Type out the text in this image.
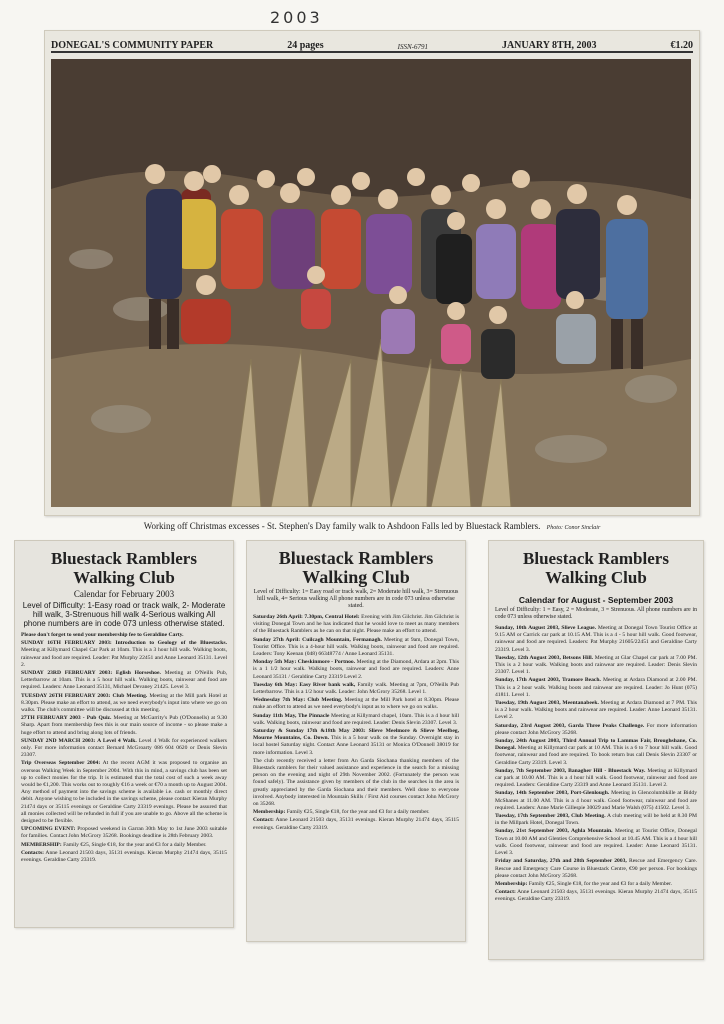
2003
DONEGAL'S COMMUNITY PAPER	24 pages	ISSN-6791	JANUARY 8TH, 2003	€1.20
Working off Christmas excesses - St. Stephen's Day family walk to Ashdoon Falls led by Bluestack Ramblers. Photo: Conor Sinclair
Bluestack Ramblers Walking Club
Calendar for February 2003
Level of Difficulty: 1-Easy road or track walk, 2- Moderate hill walk, 3-Strenuous hill walk 4-Serious walking All phone numbers are in code 073 unless otherwise stated.

Please don't forget to send your membership fee to Geraldine Carty.

SUNDAY 16TH FEBRUARY 2003: Introduction to Geology of the Bluestacks. Meeting at Killymard Chapel Car Park at 10am. This is a 3 hour hill walk. Walking boots, rainwear and food are required. Leader: Pat Murphy 22451 and Anne Leonard 35131. Level 2.

SUNDAY 23RD FEBRUARY 2003: Eglish Horseshoe. Meeting at O'Neills Pub, Letterbarrow at 10am. This is a 5 hour hill walk. Walking boots, rainwear and food are required. Leaders: Anne Leonard 35131, Michael Devaney 21425. Level 3.

TUESDAY 26TH FEBRUARY 2003: Club Meeting. Meeting at the Mill park Hotel at 8.30pm. Please make an effort to attend, as we need everybody's input into where we go on walks. The club's committee will be discussed at this meeting.

27TH FEBRUARY 2003 - Pub Quiz. Meeting at McGarrity's Pub (O'Donnells) at 9.30 Sharp. Apart from membership fees this is our main source of income - so please make a huge effort to attend and bring along lots of friends.

SUNDAY 2ND MARCH 2003: A Level 4 Walk. Level 4 Walk for experienced walkers only. For more information contact Bernard McGroarty 086 604 0620 or Denis Slevin 23307.

Trip Overseas September 2004: At the recent AGM it was proposed to organise an overseas Walking Week in September 2004. With this in mind, a savings club has been set up to collect monies for the trip. It is estimated that the total cost of such a week away would be €1,200. This works out to roughly €16 a week or €70 a month up to August 2004. Any method of payment into the savings scheme is available i.e. cash or monthly direct debit. Anyone wishing to be included in the savings scheme, please contact Kieran Murphy 21474 days or 35115 evenings or Geraldine Carty 23319 evenings. Please be assured that all monies collected will be refunded in full if you are unable to go. Above all the scheme is designed to be flexible.

UPCOMING EVENT: Proposed weekend in Garran 30th May to 1st June 2003 suitable for families. Contact John McGrory 35268. Bookings deadline is 28th February 2003.

MEMBERSHIP: Family €25, Single €18, for the year and €3 for a daily Member.

Contacts: Anne Leonard 21503 days, 35131 evenings. Kieran Murphy 21474 days, 35115 evenings. Geraldine Carty 23319.

Bluestack Ramblers Walking Club
Level of Difficulty: 1= Easy road or track walk, 2= Moderate hill walk, 3= Strenuous hill walk, 4= Serious walking All phone numbers are in code 073 unless otherwise stated.

Saturday 26th April: 7.30pm, Central Hotel: Evening with Jim Gilchrist. Jim Gilchrist is visiting Donegal Town and he has indicated that he would love to meet as many members of the Bluestack Ramblers as he can on that night. Please make an effort to attend.

Sunday 27th April: Cuilcagh Mountain, Fermanagh. Meeting at 9am, Donegal Town, Tourist Office. This is a 4-hour hill walk. Walking boots, rainwear and food are required. Leaders: Tony Keenan (048) 66348774 / Anne Leonard 35131.

Monday 5th May: Cheskinmore - Portnoo. Meeting at the Diamond, Ardara at 2pm. This is a 1 1/2 hour walk. Walking boots, rainwear and food are required. Leaders: Anne Leonard 35131 / Geraldine Carty 23319 Level 2.

Tuesday 6th May: Easy River bank walk, Family walk. Meeting at 7pm, O'Neills Pub Letterbarrow. This is a 1/2 hour walk. Leader: John McGrory 35268. Level 1.

Wednesday 7th May: Club Meeting. Meeting at the Mill Park hotel at 8.30pm. Please make an effort to attend as we need everybody's input as to where we go on walks.

Sunday 11th May, The Pinnacle Meeting at Killymard chapel, 10am. This is a 4 hour hill walk. Walking boots, rainwear and food are required. Leader: Denis Slevin 23307. Level 3.

Saturday & Sunday 17th &18th May 2003: Slieve Meelmore & Slieve Meelbeg, Mourne Mountains, Co. Down. This is a 5 hour walk on the Sunday. Overnight stay in local hostel Saturday night. Contact Anne Leonard 35131 or Monica O'Donnell 38019 for more information. Level 3.

The club recently received a letter from An Garda Siochana thanking members of the Bluestack ramblers for their valued assistance and experience in the search for a missing person on the evening and night of 29th November 2002. (Fortunately the person was found safely). The assistance given by members of the club in the searches in the area is greatly appreciated by the Garda Siochana and their members. Well done to everyone involved. Anybody interested in Mountain Skills / First Aid courses contact John McGrory on 35268.

Membership: Family €25, Single €18, for the year and €3 for a daily member.

Contact: Anne Leonard 21503 days, 35131 evenings. Kieran Murphy 21474 days, 35115 evenings. Geraldine Carty 23319.

Bluestack Ramblers Walking Club
Calendar for August - September 2003
Level of Difficulty: 1 = Easy, 2 = Moderate, 3 = Strenuous. All phone numbers are in code 073 unless otherwise stated.

Sunday, 10th August 2003, Slieve League. Meeting at Donegal Town Tourist Office at 9.15 AM or Carrick car park at 10.15 AM. This is a 4 - 5 hour hill walk. Good footwear, rainwear and food are required. Leaders: Pat Murphy 21605/22451 and Geraldine Carty 23319. Level 3.

Tuesday, 12th August 2003, Betsons Hill. Meeting at Glar Chapel car park at 7.00 PM. This is a 2 hour walk. Walking boots and rainwear are required. Leader: Denis Slevin 23307. Level 1.

Sunday, 17th August 2003, Tramore Beach. Meeting at Ardara Diamond at 2.00 PM. This is a 2 hour walk. Walking boots and rainwear are required. Leader: Jo Hunt (075) 41811. Level 1.

Tuesday, 19th August 2003, Meentanabeek. Meeting at Ardara Diamond at 7 PM. This is a 2 hour walk. Walking boots and rainwear are required. Leader: Anne Leonard 35131. Level 2.

Saturday, 23rd August 2003, Garda Three Peaks Challenge. For more information please contact John McGrory 35268.

Sunday, 24th August 2003, Third Annual Trip to Lammas Fair, Broughshane, Co. Donegal. Meeting at Killymard car park at 10 AM. This is a 6 to 7 hour hill walk. Good footwear, rainwear and food are required. To book return bus call Denis Slevin 23307 or Geraldine Carty 23319. Level 3.

Sunday, 7th September 2003, Banagher Hill - Bluestack Way. Meeting at Killymard car park at 10.00 AM. This is a 4 hour hill walk. Good footwear, rainwear and food are required. Leaders: Geraldine Carty 23319 and Anne Leonard 35131. Level 2.

Sunday, 14th September 2003, Port-Glenlough. Meeting in Glencolumbkille at Biddy McShanes at 11.00 AM. This is a 4 hour walk. Good footwear, rainwear and food are required. Leaders: Anne Marie Gillespie 30029 and Marie Walsh (075) 41502. Level 3.

Tuesday, 17th September 2003, Club Meeting. A club meeting will be held at 8.30 PM in the Millpark Hotel, Donegal Town.

Sunday, 21st September 2003, Aghla Mountain. Meeting at Tourist Office, Donegal Town at 10.00 AM and Glenties Comprehensive School at 10.45 AM. This is a 4 hour hill walk. Good footwear, rainwear and food are required. Leader: Anne Leonard 35131. Level 3.

Friday and Saturday, 27th and 28th September 2003, Rescue and Emergency Care. Rescue and Emergency Care Course in Bluestack Centre, €90 per person. For bookings please contact John McGrory 35268.

Membership: Family €25, Single €18, for the year and €3 for a daily Member.

Contact: Anne Leonard 21503 days, 35131 evenings. Kieran Murphy 21474 days, 35115 evenings. Geraldine Carty 23319.
